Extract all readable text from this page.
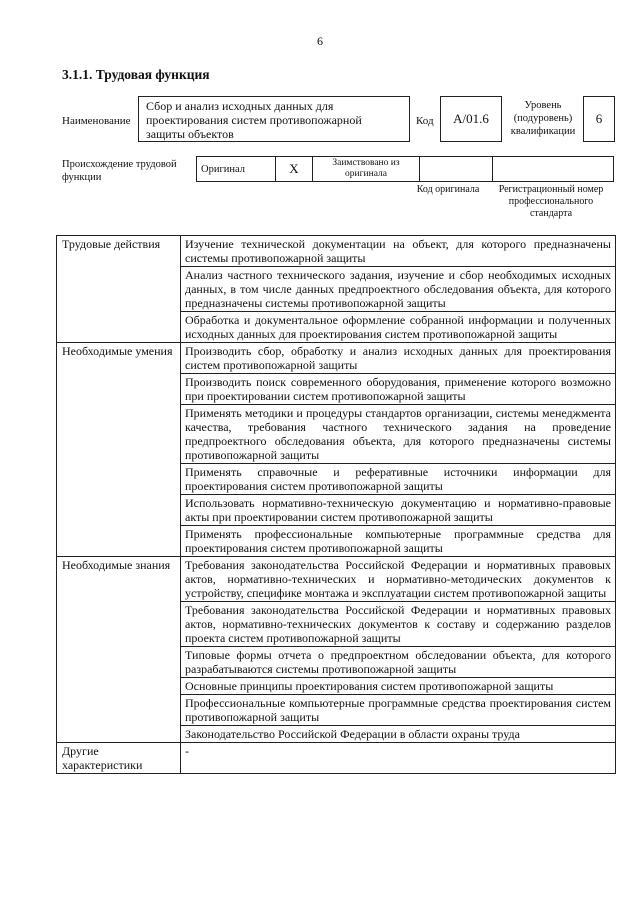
6
3.1.1. Трудовая функция
Наименование
Сбор и анализ исходных данных для проектирования систем противопожарной защиты объектов
Код	А/01.6
Уровень (подуровень) квалификации
6
Происхождение трудовой функции
Оригинал	X	Заимствовано из оригинала		
Код оригинала	Регистрационный номер профессионального стандарта
Трудовые действия	Изучение технической документации на объект, для которого предназначены системы противопожарной защиты
	Анализ частного технического задания, изучение и сбор необходимых исходных данных, в том числе данных предпроектного обследования объекта, для которого предназначены системы противопожарной защиты
	Обработка и документальное оформление собранной информации и полученных исходных данных для проектирования систем противопожарной защиты
Необходимые умения	Производить сбор, обработку и анализ исходных данных для проектирования систем противопожарной защиты
	Производить поиск современного оборудования, применение которого возможно при проектировании систем противопожарной защиты
	Применять методики и процедуры стандартов организации, системы менеджмента качества, требования частного технического задания на проведение предпроектного обследования объекта, для которого предназначены системы противопожарной защиты
	Применять справочные и реферативные источники информации для проектирования систем противопожарной защиты
	Использовать нормативно-техническую документацию и нормативно-правовые акты при проектировании систем противопожарной защиты
	Применять профессиональные компьютерные программные средства для проектирования систем противопожарной защиты
Необходимые знания	Требования законодательства Российской Федерации и нормативных правовых актов, нормативно-технических и нормативно-методических документов к устройству, специфике монтажа и эксплуатации систем противопожарной защиты
	Требования законодательства Российской Федерации и нормативных правовых актов, нормативно-технических документов к составу и содержанию разделов проекта систем противопожарной защиты
	Типовые формы отчета о предпроектном обследовании объекта, для которого разрабатываются системы противопожарной защиты
	Основные принципы проектирования систем противопожарной защиты
	Профессиональные компьютерные программные средства проектирования систем противопожарной защиты
	Законодательство Российской Федерации в области охраны труда
Другие характеристики	-
